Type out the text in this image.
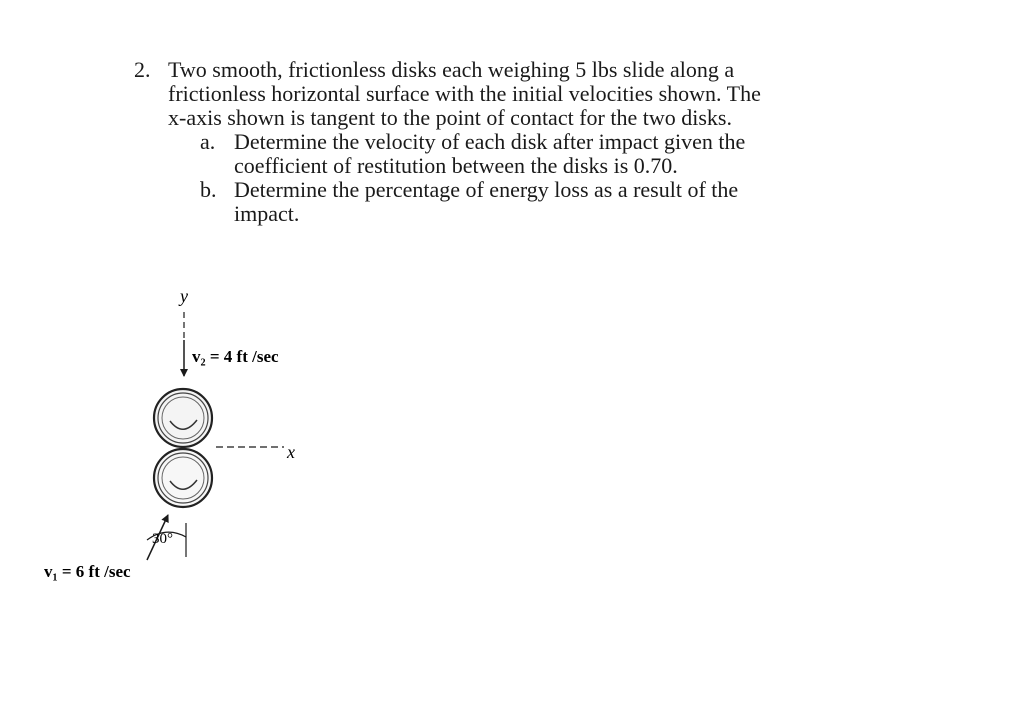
2. Two smooth, frictionless disks each weighing 5 lbs slide along a
frictionless horizontal surface with the initial velocities shown. The
x-axis shown is tangent to the point of contact for the two disks.
a. Determine the velocity of each disk after impact given the
coefficient of restitution between the disks is 0.70.
b. Determine the percentage of energy loss as a result of the
impact.
y
v₂ = 4 ft /sec
x
30°
v₁ = 6 ft /sec
